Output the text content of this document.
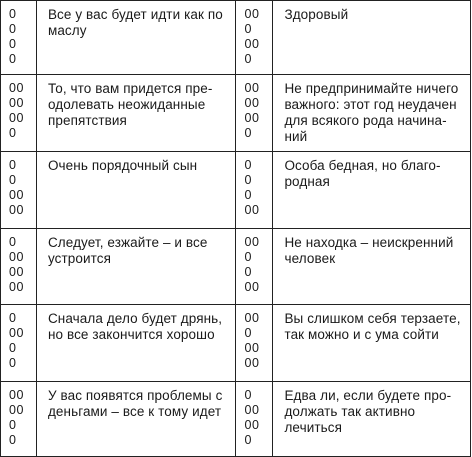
0
0
0
0
Все у вас будет идти как по
маслу
00
0
00
0
Здоровый
00
00
00
0
То, что вам придется пре-
одолевать неожиданные
препятствия
00
00
00
0
Не предпринимайте ничего
важного: этот год неудачен
для всякого рода начина-
ний
0
0
00
00
Очень порядочный сын	0
0
0
00
Особа бедная, но благо-
родная
0
00
00
00
Следует, езжайте – и все
устроится
00
0
0
00
Не находка – неискренний
человек
0
00
0
0
Сначала дело будет дрянь,
но все закончится хорошо
00
0
00
00
Вы слишком себя терзаете,
так можно и с ума сойти
00
00
0
0
У вас появятся проблемы с
деньгами – все к тому идет
0
00
00
0
Едва ли, если будете про-
должать так активно
лечиться
